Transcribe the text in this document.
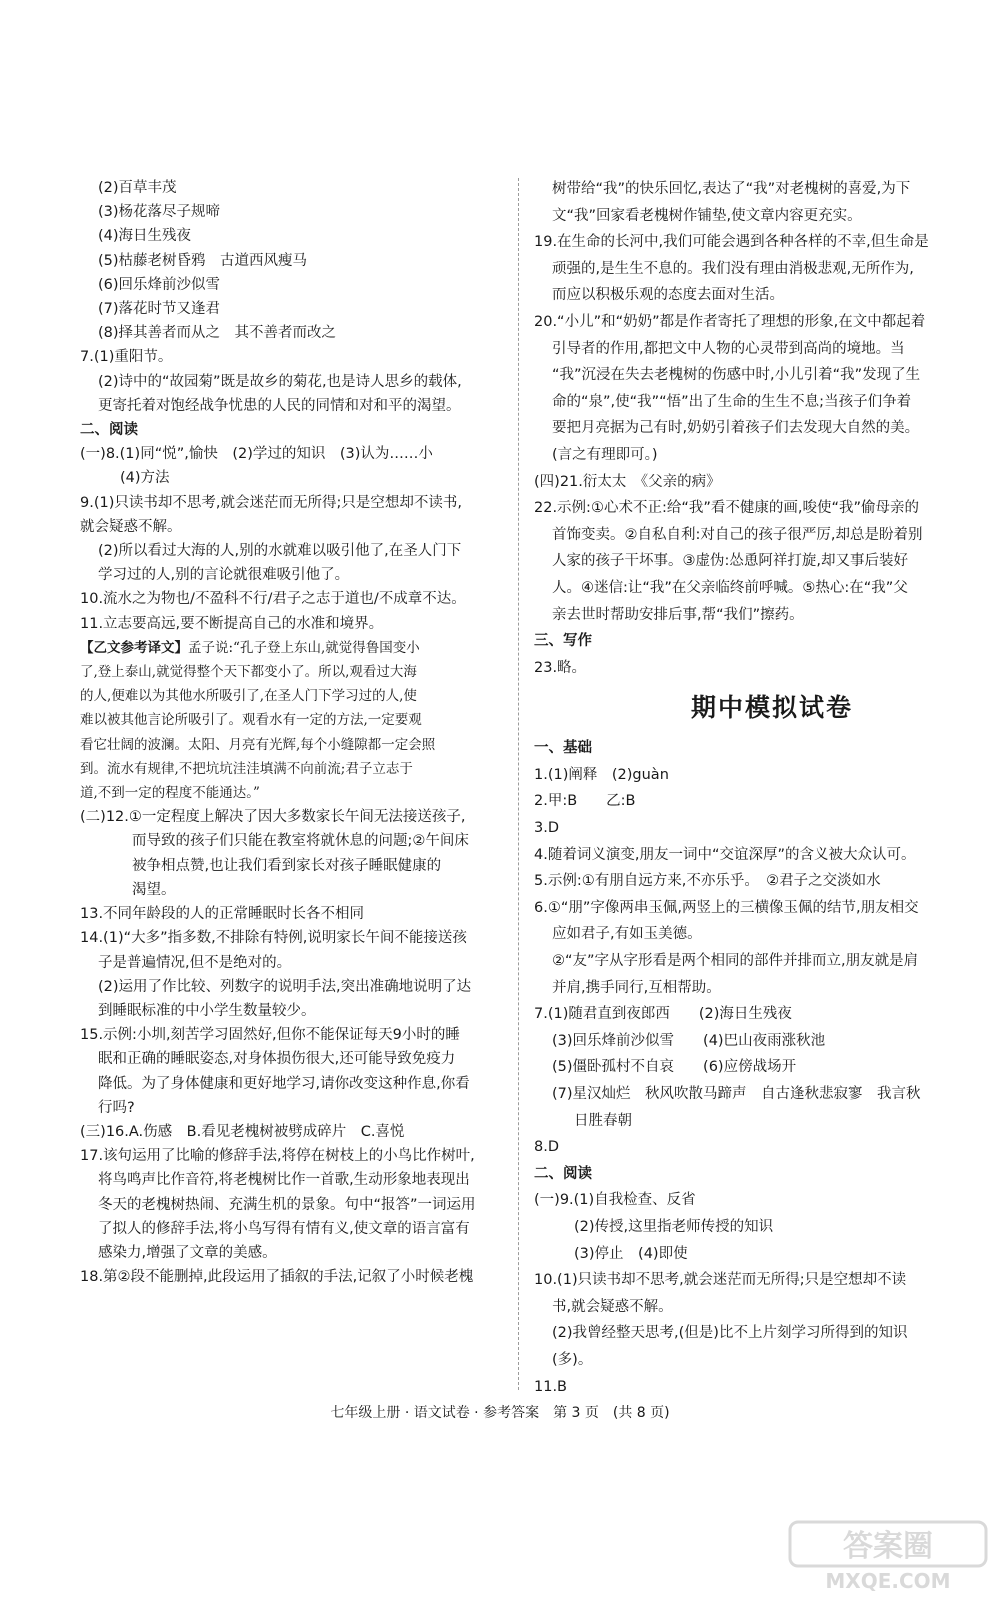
(2)百草丰茂
(3)杨花落尽子规啼
(4)海日生残夜
(5)枯藤老树昏鸦　古道西风瘦马
(6)回乐烽前沙似雪
(7)落花时节又逢君
(8)择其善者而从之　其不善者而改之
7.(1)重阳节。
(2)诗中的“故园菊”既是故乡的菊花,也是诗人思乡的载体,
更寄托着对饱经战争忧患的人民的同情和对和平的渴望。
二、阅读
(一)8.(1)同“悦”,愉快　(2)学过的知识　(3)认为……小
(4)方法
9.(1)只读书却不思考,就会迷茫而无所得;只是空想却不读书,
就会疑惑不解。
(2)所以看过大海的人,别的水就难以吸引他了,在圣人门下
学习过的人,别的言论就很难吸引他了。
10.流水之为物也/不盈科不行/君子之志于道也/不成章不达。
11.立志要高远,要不断提高自己的水准和境界。
【乙文参考译文】孟子说:“孔子登上东山,就觉得鲁国变小
了,登上泰山,就觉得整个天下都变小了。所以,观看过大海
的人,便难以为其他水所吸引了,在圣人门下学习过的人,使
难以被其他言论所吸引了。观看水有一定的方法,一定要观
看它壮阔的波澜。太阳、月亮有光辉,每个小缝隙都一定会照
到。流水有规律,不把坑坑洼洼填满不向前流;君子立志于
道,不到一定的程度不能通达。”
(二)12.①一定程度上解决了因大多数家长午间无法接送孩子,
而导致的孩子们只能在教室将就休息的问题;②午间床
被争相点赞,也让我们看到家长对孩子睡眠健康的
渴望。
13.不同年龄段的人的正常睡眠时长各不相同
14.(1)“大多”指多数,不排除有特例,说明家长午间不能接送孩
子是普遍情况,但不是绝对的。
(2)运用了作比较、列数字的说明手法,突出准确地说明了达
到睡眠标准的中小学生数量较少。
15.示例:小圳,刻苦学习固然好,但你不能保证每天9小时的睡
眠和正确的睡眠姿态,对身体损伤很大,还可能导致免疫力
降低。为了身体健康和更好地学习,请你改变这种作息,你看
行吗?
(三)16.A.伤感　B.看见老槐树被劈成碎片　C.喜悦
17.该句运用了比喻的修辞手法,将停在树枝上的小鸟比作树叶,
将鸟鸣声比作音符,将老槐树比作一首歌,生动形象地表现出
冬天的老槐树热闹、充满生机的景象。句中“报答”一词运用
了拟人的修辞手法,将小鸟写得有情有义,使文章的语言富有
感染力,增强了文章的美感。
18.第②段不能删掉,此段运用了插叙的手法,记叙了小时候老槐
树带给“我”的快乐回忆,表达了“我”对老槐树的喜爱,为下
文“我”回家看老槐树作铺垫,使文章内容更充实。
19.在生命的长河中,我们可能会遇到各种各样的不幸,但生命是
顽强的,是生生不息的。我们没有理由消极悲观,无所作为,
而应以积极乐观的态度去面对生活。
20.“小儿”和“奶奶”都是作者寄托了理想的形象,在文中都起着
引导者的作用,都把文中人物的心灵带到高尚的境地。当
“我”沉浸在失去老槐树的伤感中时,小儿引着“我”发现了生
命的“泉”,使“我”“悟”出了生命的生生不息;当孩子们争着
要把月亮据为己有时,奶奶引着孩子们去发现大自然的美。
(言之有理即可。)
(四)21.衍太太　《父亲的病》
22.示例:①心术不正:给“我”看不健康的画,唆使“我”偷母亲的
首饰变卖。②自私自利:对自己的孩子很严厉,却总是盼着别
人家的孩子干坏事。③虚伪:怂恿阿祥打旋,却又事后装好
人。④迷信:让“我”在父亲临终前呼喊。⑤热心:在“我”父
亲去世时帮助安排后事,帮“我们”擦药。
三、写作
23.略。
期中模拟试卷
一、基础
1.(1)阐释　(2)guàn
2.甲:B　　乙:B
3.D
4.随着词义演变,朋友一词中“交谊深厚”的含义被大众认可。
5.示例:①有朋自远方来,不亦乐乎。　②君子之交淡如水
6.①“朋”字像两串玉佩,两竖上的三横像玉佩的结节,朋友相交
应如君子,有如玉美德。
②“友”字从字形看是两个相同的部件并排而立,朋友就是肩
并肩,携手同行,互相帮助。
7.(1)随君直到夜郎西　　(2)海日生残夜
(3)回乐烽前沙似雪　　(4)巴山夜雨涨秋池
(5)僵卧孤村不自哀　　(6)应傍战场开
(7)星汉灿烂　秋风吹散马蹄声　自古逢秋悲寂寥　我言秋
日胜春朝
8.D
二、阅读
(一)9.(1)自我检查、反省
(2)传授,这里指老师传授的知识
(3)停止　(4)即使
10.(1)只读书却不思考,就会迷茫而无所得;只是空想却不读
书,就会疑惑不解。
(2)我曾经整天思考,(但是)比不上片刻学习所得到的知识
(多)。
11.B
七年级上册 · 语文试卷 · 参考答案　第 3 页　(共 8 页)
答案圈
MXQE.COM
